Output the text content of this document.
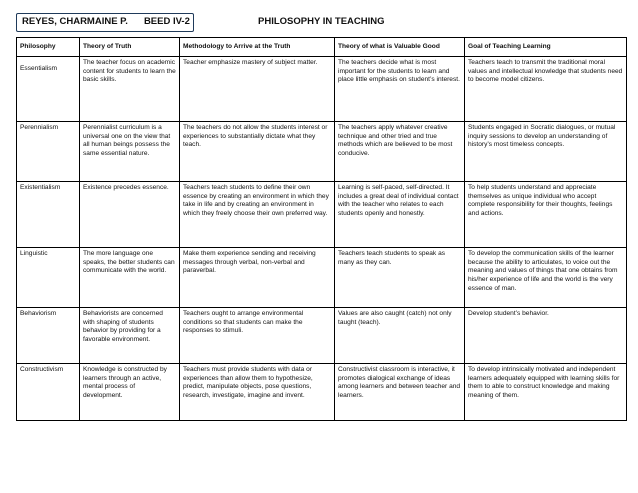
REYES, CHARMAINE P. BEED IV-2	PHILOSOPHY IN TEACHING
Philosophy	Theory of Truth	Methodology to Arrive at the Truth	Theory of what is Valuable Good	Goal of Teaching Learning
Essentialism	The teacher focus on academic content for students to learn the basic skills.	Teacher emphasize mastery of subject matter.	The teachers decide what is most important for the students to learn and place little emphasis on student’s interest.	Teachers teach to transmit the traditional moral values and intellectual knowledge that students need to become model citizens.
Perennialism	Perennialist curriculum is a universal one on the view that all human beings possess the same essential nature.	The teachers do not allow the students interest or experiences to substantially dictate what they teach.	The teachers apply whatever creative technique and other tried and true methods which are believed to be most conducive.	Students engaged in Socratic dialogues, or mutual inquiry sessions to develop an understanding of history’s most timeless concepts.
Existentialism	Existence precedes essence.	Teachers teach students to define their own essence by creating an environment in which they take in life and by creating an environment in which they freely choose their own preferred way.	Learning is self-paced, self-directed. It includes a great deal of individual contact with the teacher who relates to each students openly and honestly.	To help students understand and appreciate themselves as unique individual who accept complete responsibility for their thoughts, feelings and actions.
Linguistic	The more language one speaks, the better students can communicate with the world.	Make them experience sending and receiving messages through verbal, non-verbal and paraverbal.	Teachers teach students to speak as many as they can.	To develop the communication skills of the learner because the ability to articulates, to voice out the meaning and values of things that one obtains from his/her experience of life and the world is the very essence of man.
Behaviorism	Behaviorists are concerned with shaping of students behavior by providing for a favorable environment.	Teachers ought to arrange environmental conditions so that students can make the responses to stimuli.	Values are also caught (catch) not only taught (teach).	Develop student’s behavior.
Constructivism	Knowledge is constructed by learners through an active, mental process of development.	Teachers must provide students with data or experiences than allow them to hypothesize, predict, manipulate objects, pose questions, research, investigate, imagine and invent.	Constructivist classroom is interactive, it promotes dialogical exchange of ideas among learners and between teacher and learners.	To develop intrinsically motivated and independent learners adequately equipped with learning skills for them to able to construct knowledge and making meaning of them.
